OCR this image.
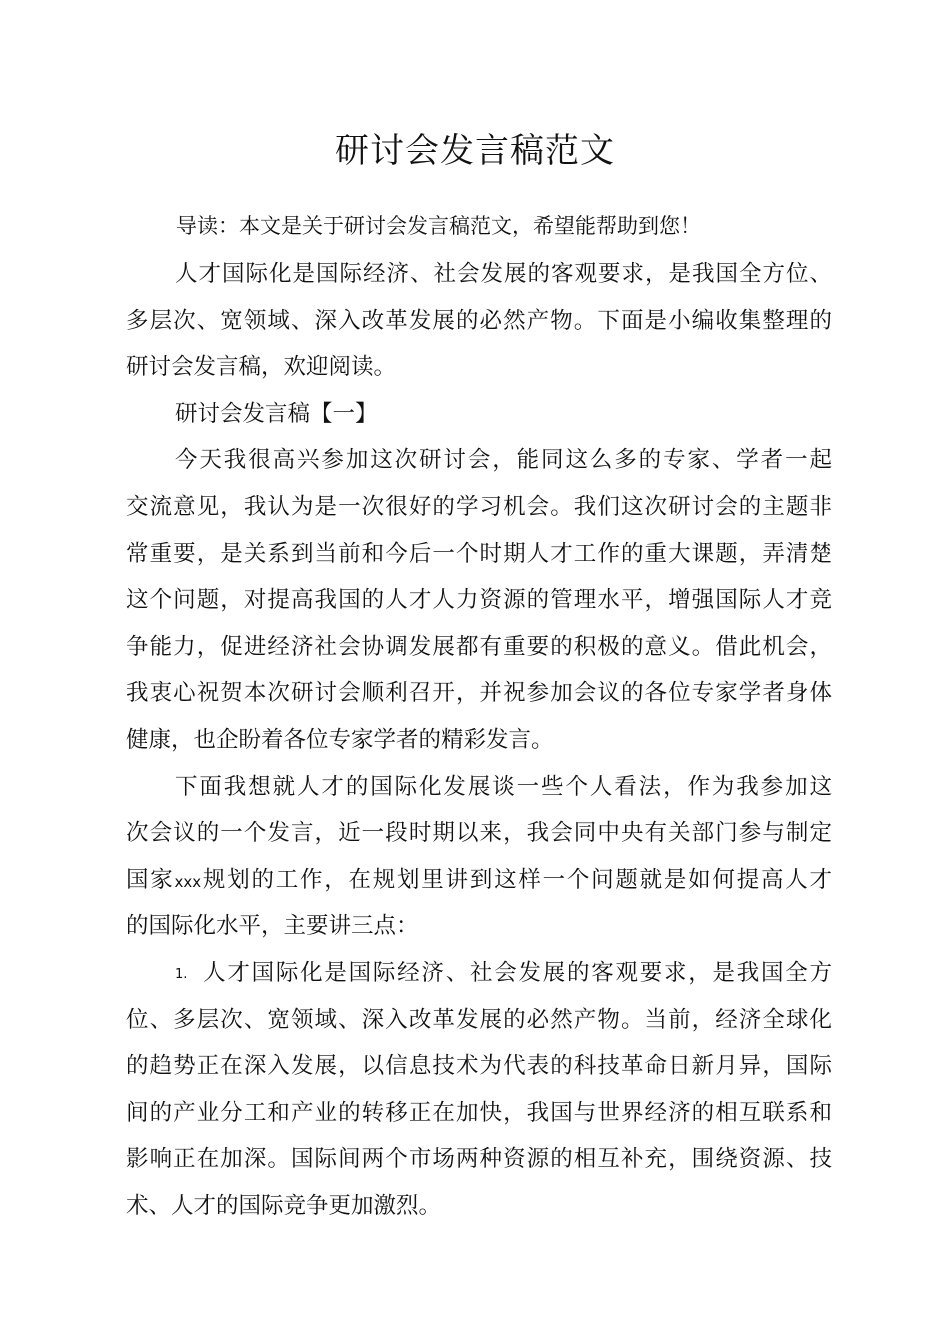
研讨会发言稿范文
导读：本文是关于研讨会发言稿范文，希望能帮助到您！
人才国际化是国际经济、社会发展的客观要求，是我国全方位、
多层次、宽领域、深入改革发展的必然产物。下面是小编收集整理的
研讨会发言稿，欢迎阅读。
研讨会发言稿【一】
今天我很高兴参加这次研讨会，能同这么多的专家、学者一起
交流意见，我认为是一次很好的学习机会。我们这次研讨会的主题非
常重要，是关系到当前和今后一个时期人才工作的重大课题，弄清楚
这个问题，对提高我国的人才人力资源的管理水平，增强国际人才竞
争能力，促进经济社会协调发展都有重要的积极的意义。借此机会，
我衷心祝贺本次研讨会顺利召开，并祝参加会议的各位专家学者身体
健康，也企盼着各位专家学者的精彩发言。
下面我想就人才的国际化发展谈一些个人看法，作为我参加这
次会议的一个发言，近一段时期以来，我会同中央有关部门参与制定
国家xxx规划的工作，在规划里讲到这样一个问题就是如何提高人才
的国际化水平，主要讲三点：
1. 人才国际化是国际经济、社会发展的客观要求，是我国全方
位、多层次、宽领域、深入改革发展的必然产物。当前，经济全球化
的趋势正在深入发展，以信息技术为代表的科技革命日新月异，国际
间的产业分工和产业的转移正在加快，我国与世界经济的相互联系和
影响正在加深。国际间两个市场两种资源的相互补充，围绕资源、技
术、人才的国际竞争更加激烈。
